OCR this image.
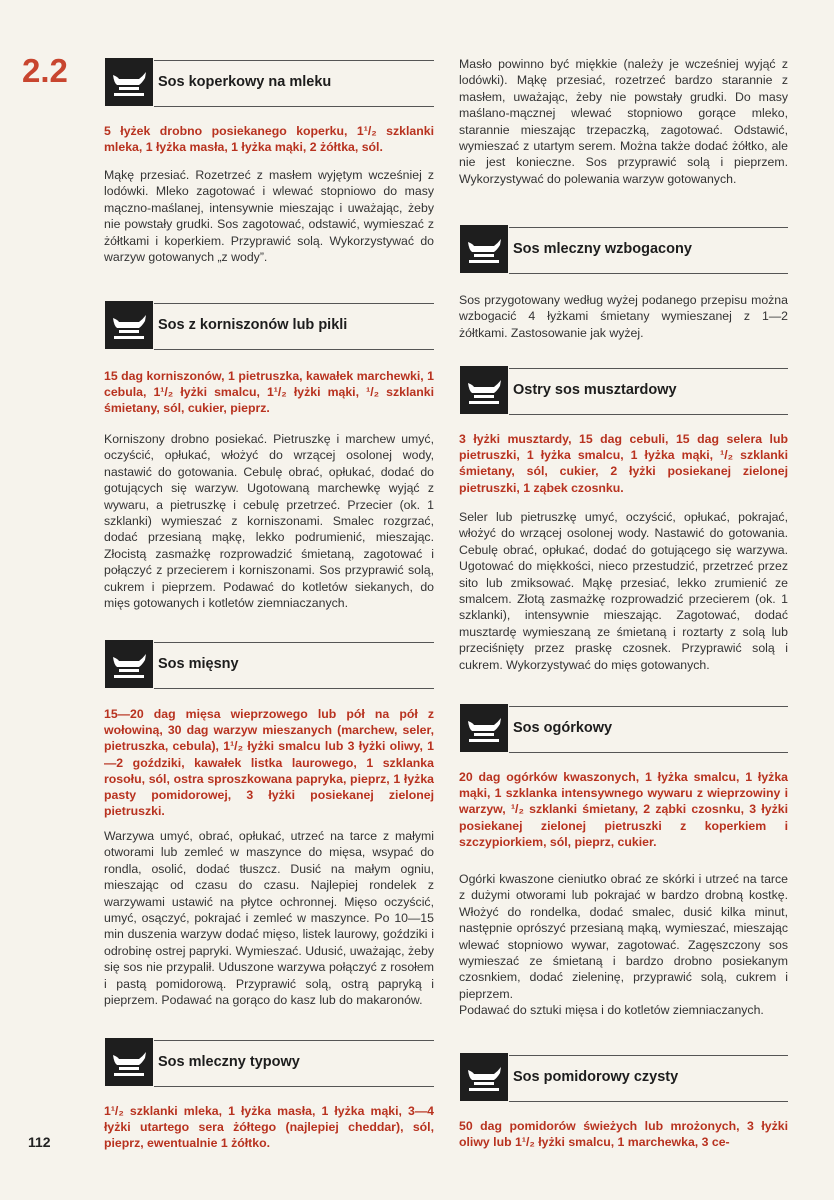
2.2
112
Sos koperkowy na mleku
5 łyżek drobno posiekanego koperku, 1¹/₂ szklanki mleka, 1 łyżka masła, 1 łyżka mąki, 2 żółtka, sól.

Mąkę przesiać. Rozetrzeć z masłem wyjętym wcześniej z lodówki. Mleko zagotować i wlewać stopniowo do masy mączno-maślanej, intensywnie mieszając i uważając, żeby nie powstały grudki. Sos zagotować, odstawić, wymieszać z żółtkami i koperkiem. Przyprawić solą. Wykorzystywać do warzyw gotowanych „z wody”.

Sos z korniszonów lub pikli
15 dag korniszonów, 1 pietruszka, kawałek marchewki, 1 cebula, 1¹/₂ łyżki smalcu, 1¹/₂ łyżki mąki, ¹/₂ szklanki śmietany, sól, cukier, pieprz.

Korniszony drobno posiekać. Pietruszkę i marchew umyć, oczyścić, opłukać, włożyć do wrzącej osolonej wody, nastawić do gotowania. Cebulę obrać, opłukać, dodać do gotujących się warzyw. Ugotowaną marchewkę wyjąć z wywaru, a pietruszkę i cebulę przetrzeć. Przecier (ok. 1 szklanki) wymieszać z korniszonami. Smalec rozgrzać, dodać przesianą mąkę, lekko podrumienić, mieszając. Złocistą zasmażkę rozprowadzić śmietaną, zagotować i połączyć z przecierem i korniszonami. Sos przyprawić solą, cukrem i pieprzem. Podawać do kotletów siekanych, do mięs gotowanych i kotletów ziemniaczanych.

Sos mięsny
15—20 dag mięsa wieprzowego lub pół na pół z wołowiną, 30 dag warzyw mieszanych (marchew, seler, pietruszka, cebula), 1¹/₂ łyżki smalcu lub 3 łyżki oliwy, 1—2 goździki, kawałek listka laurowego, 1 szklanka rosołu, sól, ostra sproszkowana papryka, pieprz, 1 łyżka pasty pomidorowej, 3 łyżki posiekanej zielonej pietruszki.

Warzywa umyć, obrać, opłukać, utrzeć na tarce z małymi otworami lub zemleć w maszynce do mięsa, wsypać do rondla, osolić, dodać tłuszcz. Dusić na małym ogniu, mieszając od czasu do czasu. Najlepiej rondelek z warzywami ustawić na płytce ochronnej. Mięso oczyścić, umyć, osączyć, pokrajać i zemleć w maszynce. Po 10—15 min duszenia warzyw dodać mięso, listek laurowy, goździki i odrobinę ostrej papryki. Wymieszać. Udusić, uważając, żeby się sos nie przypalił. Uduszone warzywa połączyć z rosołem i pastą pomidorową. Przyprawić solą, ostrą papryką i pieprzem. Podawać na gorąco do kasz lub do makaronów.

Sos mleczny typowy
1¹/₂ szklanki mleka, 1 łyżka masła, 1 łyżka mąki, 3—4 łyżki utartego sera żółtego (najlepiej cheddar), sól, pieprz, ewentualnie 1 żółtko.

Masło powinno być miękkie (należy je wcześniej wyjąć z lodówki). Mąkę przesiać, rozetrzeć bardzo starannie z masłem, uważając, żeby nie powstały grudki. Do masy maślano-mącznej wlewać stopniowo gorące mleko, starannie mieszając trzepaczką, zagotować. Odstawić, wymieszać z utartym serem. Można także dodać żółtko, ale nie jest konieczne. Sos przyprawić solą i pieprzem. Wykorzystywać do polewania warzyw gotowanych.

Sos mleczny wzbogacony

Sos przygotowany według wyżej podanego przepisu można wzbogacić 4 łyżkami śmietany wymieszanej z 1—2 żółtkami. Zastosowanie jak wyżej.

Ostry sos musztardowy
3 łyżki musztardy, 15 dag cebuli, 15 dag selera lub pietruszki, 1 łyżka smalcu, 1 łyżka mąki, ¹/₂ szklanki śmietany, sól, cukier, 2 łyżki posiekanej zielonej pietruszki, 1 ząbek czosnku.

Seler lub pietruszkę umyć, oczyścić, opłukać, pokrajać, włożyć do wrzącej osolonej wody. Nastawić do gotowania. Cebulę obrać, opłukać, dodać do gotującego się warzywa. Ugotować do miękkości, nieco przestudzić, przetrzeć przez sito lub zmiksować. Mąkę przesiać, lekko zrumienić ze smalcem. Złotą zasmażkę rozprowadzić przecierem (ok. 1 szklanki), intensywnie mieszając. Zagotować, dodać musztardę wymieszaną ze śmietaną i roztarty z solą lub przeciśnięty przez praskę czosnek. Przyprawić solą i cukrem. Wykorzystywać do mięs gotowanych.

Sos ogórkowy
20 dag ogórków kwaszonych, 1 łyżka smalcu, 1 łyżka mąki, 1 szklanka intensywnego wywaru z wieprzowiny i warzyw, ¹/₂ szklanki śmietany, 2 ząbki czosnku, 3 łyżki posiekanej zielonej pietruszki z koperkiem i szczypiorkiem, sól, pieprz, cukier.

Ogórki kwaszone cieniutko obrać ze skórki i utrzeć na tarce z dużymi otworami lub pokrajać w bardzo drobną kostkę. Włożyć do rondelka, dodać smalec, dusić kilka minut, następnie oprószyć przesianą mąką, wymieszać, mieszając wlewać stopniowo wywar, zagotować. Zagęszczony sos wymieszać ze śmietaną i bardzo drobno posiekanym czosnkiem, dodać zieleninę, przyprawić solą, cukrem i pieprzem.

Podawać do sztuki mięsa i do kotletów ziemniaczanych.

Sos pomidorowy czysty
50 dag pomidorów świeżych lub mrożonych, 3 łyżki oliwy lub 1¹/₂ łyżki smalcu, 1 marchewka, 3 ce-
